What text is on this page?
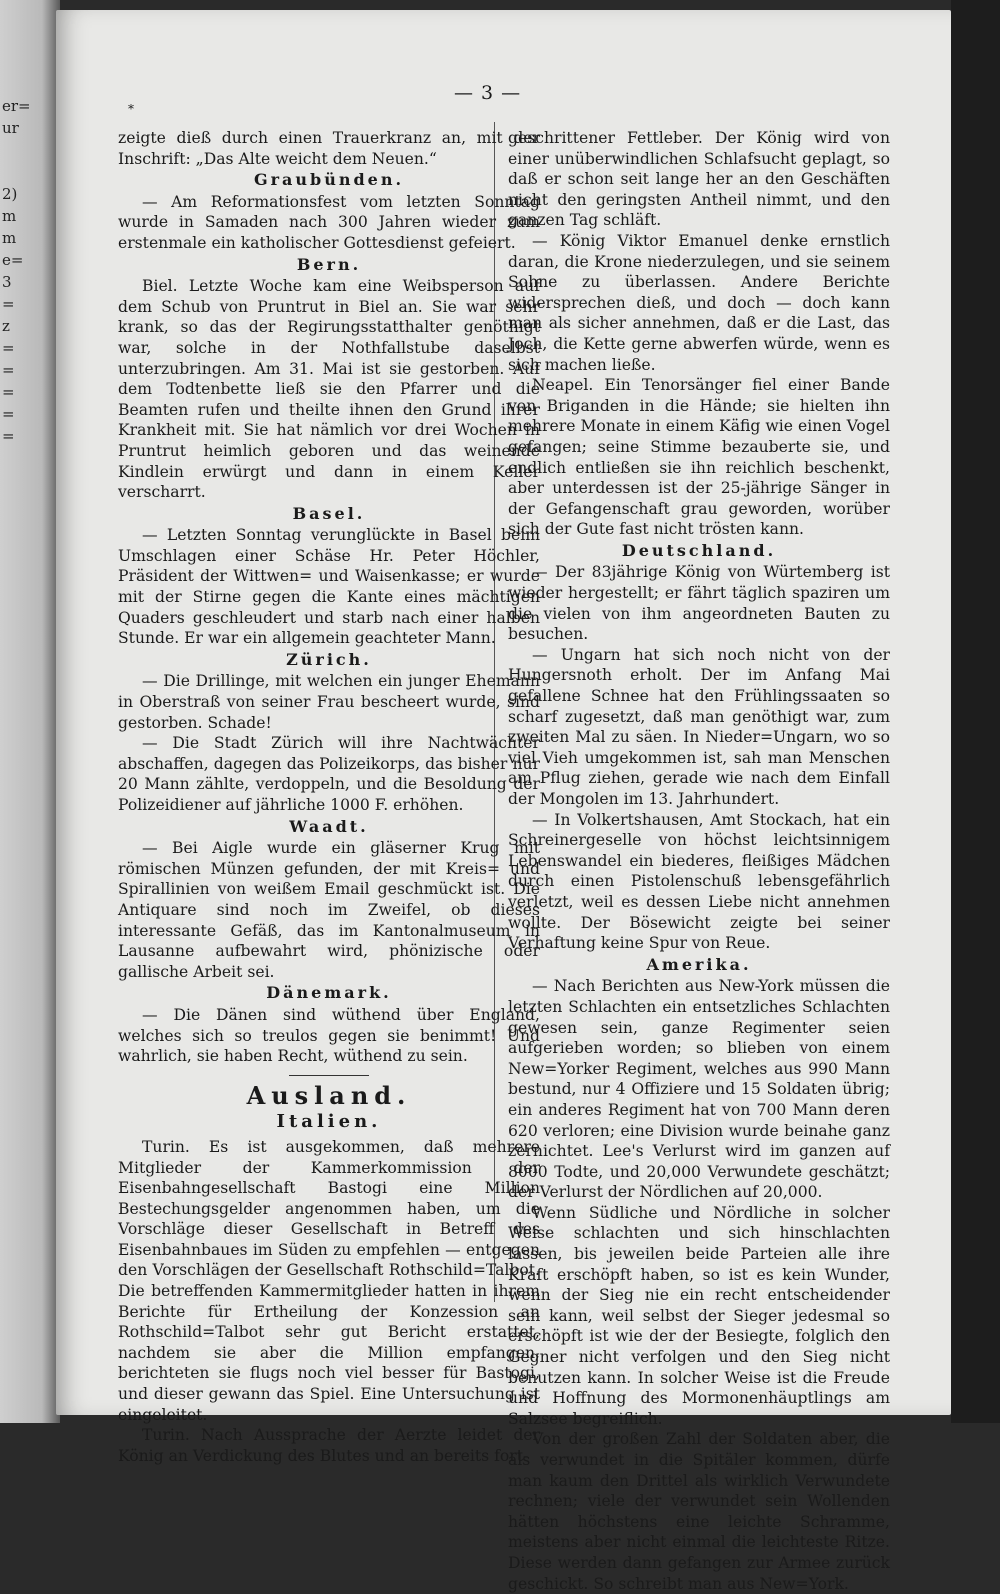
er=
ur
2)
m
m
e=
3
=
z
=
=
=
=
=
— 3 —
⁎

zeigte dieß durch einen Trauerkranz an, mit der Inschrift: „Das Alte weicht dem Neuen.“

Graubünden.

— Am Reformationsfest vom letzten Sonntag wurde in Samaden nach 300 Jahren wieder zum erstenmale ein katholischer Gottesdienst gefeiert.

Bern.

Biel. Letzte Woche kam eine Weibsperson auf dem Schub von Pruntrut in Biel an. Sie war sehr krank, so das der Regirungsstatthalter genöthigt war, solche in der Nothfallstube daselbst unterzubringen. Am 31. Mai ist sie gestorben. Auf dem Todtenbette ließ sie den Pfarrer und die Beamten rufen und theilte ihnen den Grund ihrer Krankheit mit. Sie hat nämlich vor drei Wochen in Pruntrut heimlich geboren und das weinende Kindlein erwürgt und dann in einem Keller verscharrt.

Basel.

— Letzten Sonntag verunglückte in Basel beim Umschlagen einer Schäse Hr. Peter Höchler, Präsident der Wittwen= und Waisenkasse; er wurde mit der Stirne gegen die Kante eines mächtigen Quaders geschleudert und starb nach einer halben Stunde. Er war ein allgemein geachteter Mann.

Zürich.

— Die Drillinge, mit welchen ein junger Ehemann in Oberstraß von seiner Frau bescheert wurde, sind gestorben. Schade!

— Die Stadt Zürich will ihre Nachtwächter abschaffen, dagegen das Polizeikorps, das bisher nur 20 Mann zählte, verdoppeln, und die Besoldung der Polizeidiener auf jährliche 1000 F. erhöhen.

Waadt.

— Bei Aigle wurde ein gläserner Krug mit römischen Münzen gefunden, der mit Kreis= und Spirallinien von weißem Email geschmückt ist. Die Antiquare sind noch im Zweifel, ob dieses interessante Gefäß, das im Kantonalmuseum in Lausanne aufbewahrt wird, phönizische oder gallische Arbeit sei.

Dänemark.

— Die Dänen sind wüthend über England, welches sich so treulos gegen sie benimmt! Und wahrlich, sie haben Recht, wüthend zu sein.

Ausland.
Italien.

Turin. Es ist ausgekommen, daß mehrere Mitglieder der Kammerkommission der Eisenbahngesellschaft Bastogi eine Million Bestechungsgelder angenommen haben, um die Vorschläge dieser Gesellschaft in Betreff des Eisenbahnbaues im Süden zu empfehlen — entgegen den Vorschlägen der Gesellschaft Rothschild=Talbot. Die betreffenden Kammermitglieder hatten in ihrem Berichte für Ertheilung der Konzession an Rothschild=Talbot sehr gut Bericht erstattet, nachdem sie aber die Million empfangen, berichteten sie flugs noch viel besser für Bastogi, und dieser gewann das Spiel. Eine Untersuchung ist eingeleitet.

Turin. Nach Aussprache der Aerzte leidet der König an Verdickung des Blutes und an bereits fort-

geschrittener Fettleber. Der König wird von einer unüberwindlichen Schlafsucht geplagt, so daß er schon seit lange her an den Geschäften nicht den geringsten Antheil nimmt, und den ganzen Tag schläft.

— König Viktor Emanuel denke ernstlich daran, die Krone niederzulegen, und sie seinem Sohne zu überlassen. Andere Berichte widersprechen dieß, und doch — doch kann man als sicher annehmen, daß er die Last, das Joch, die Kette gerne abwerfen würde, wenn es sich machen ließe.

Neapel. Ein Tenorsänger fiel einer Bande von Briganden in die Hände; sie hielten ihn mehrere Monate in einem Käfig wie einen Vogel gefangen; seine Stimme bezauberte sie, und endlich entließen sie ihn reichlich beschenkt, aber unterdessen ist der 25-jährige Sänger in der Gefangenschaft grau geworden, worüber sich der Gute fast nicht trösten kann.

Deutschland.

— Der 83jährige König von Würtemberg ist wieder hergestellt; er fährt täglich spaziren um die vielen von ihm angeordneten Bauten zu besuchen.

— Ungarn hat sich noch nicht von der Hungersnoth erholt. Der im Anfang Mai gefallene Schnee hat den Frühlingssaaten so scharf zugesetzt, daß man genöthigt war, zum zweiten Mal zu säen. In Nieder=Ungarn, wo so viel Vieh umgekommen ist, sah man Menschen am Pflug ziehen, gerade wie nach dem Einfall der Mongolen im 13. Jahrhundert.

— In Volkertshausen, Amt Stockach, hat ein Schreinergeselle von höchst leichtsinnigem Lebenswandel ein biederes, fleißiges Mädchen durch einen Pistolenschuß lebensgefährlich verletzt, weil es dessen Liebe nicht annehmen wollte. Der Bösewicht zeigte bei seiner Verhaftung keine Spur von Reue.

Amerika.

— Nach Berichten aus New-York müssen die letzten Schlachten ein entsetzliches Schlachten gewesen sein, ganze Regimenter seien aufgerieben worden; so blieben von einem New=Yorker Regiment, welches aus 990 Mann bestund, nur 4 Offiziere und 15 Soldaten übrig; ein anderes Regiment hat von 700 Mann deren 620 verloren; eine Division wurde beinahe ganz zernichtet. Lee's Verlurst wird im ganzen auf 8000 Todte, und 20,000 Verwundete geschätzt; der Verlurst der Nördlichen auf 20,000.

Wenn Südliche und Nördliche in solcher Weise schlachten und sich hinschlachten lassen, bis jeweilen beide Parteien alle ihre Kraft erschöpft haben, so ist es kein Wunder, wenn der Sieg nie ein recht entscheidender sein kann, weil selbst der Sieger jedesmal so erschöpft ist wie der der Besiegte, folglich den Gegner nicht verfolgen und den Sieg nicht benutzen kann. In solcher Weise ist die Freude und Hoffnung des Mormonenhäuptlings am Salzsee begreiflich.

Von der großen Zahl der Soldaten aber, die als verwundet in die Spitäler kommen, dürfe man kaum den Drittel als wirklich Verwundete rechnen; viele der verwundet sein Wollenden hätten höchstens eine leichte Schramme, meistens aber nicht einmal die leichteste Ritze. Diese werden dann gefangen zur Armee zurück geschickt. So schreibt man aus New=York.
